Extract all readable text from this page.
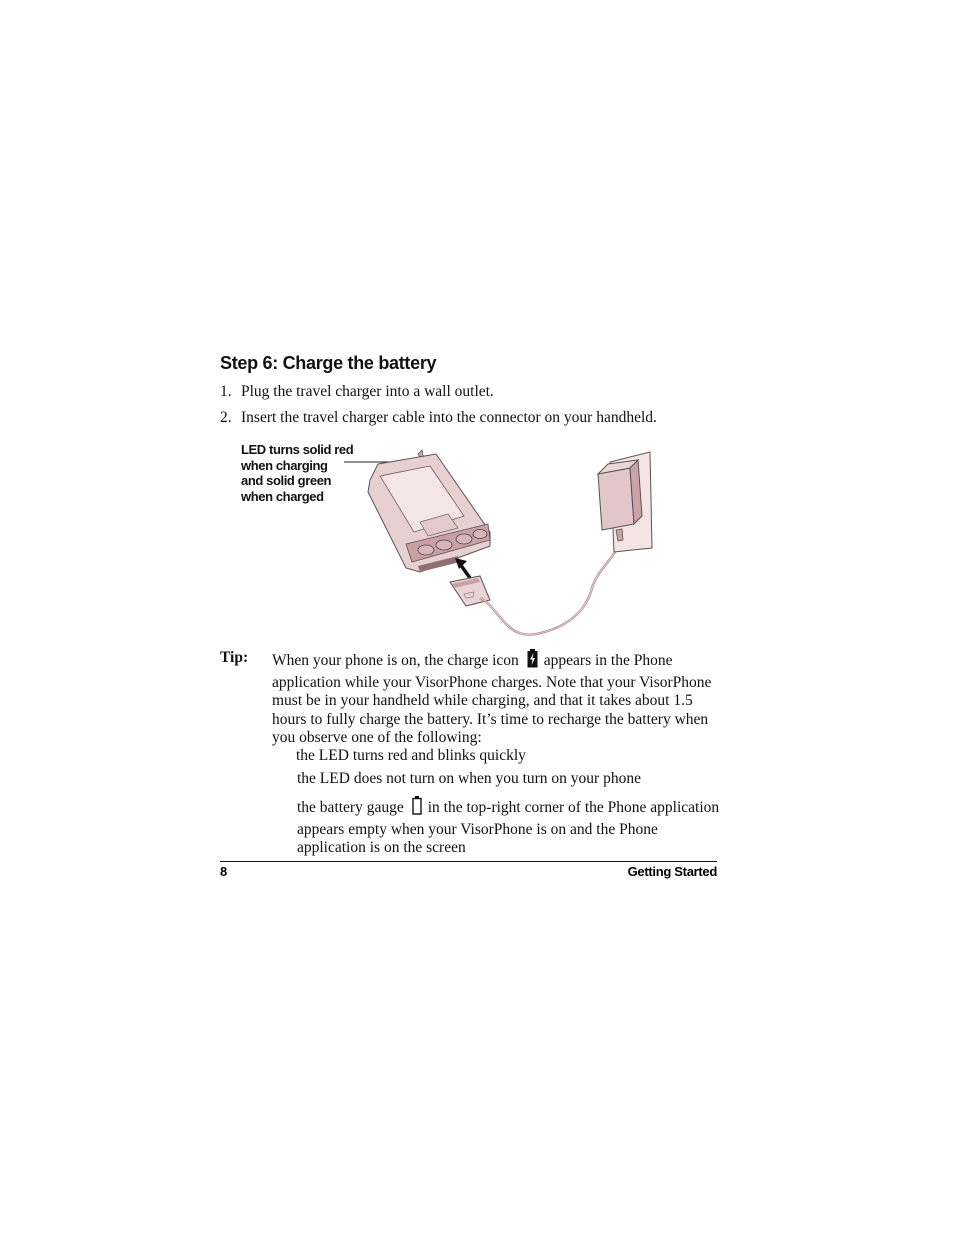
Step 6: Charge the battery
1. Plug the travel charger into a wall outlet.
2. Insert the travel charger cable into the connector on your handheld.
LED turns solid red
when charging
and solid green
when charged
Tip: When your phone is on, the charge icon appears in the Phone application while your VisorPhone charges. Note that your VisorPhone must be in your handheld while charging, and that it takes about 1.5 hours to fully charge the battery. It’s time to recharge the battery when you observe one of the following:
the LED turns red and blinks quickly
the LED does not turn on when you turn on your phone
the battery gauge in the top-right corner of the Phone application appears empty when your VisorPhone is on and the Phone application is on the screen
8	Getting Started
